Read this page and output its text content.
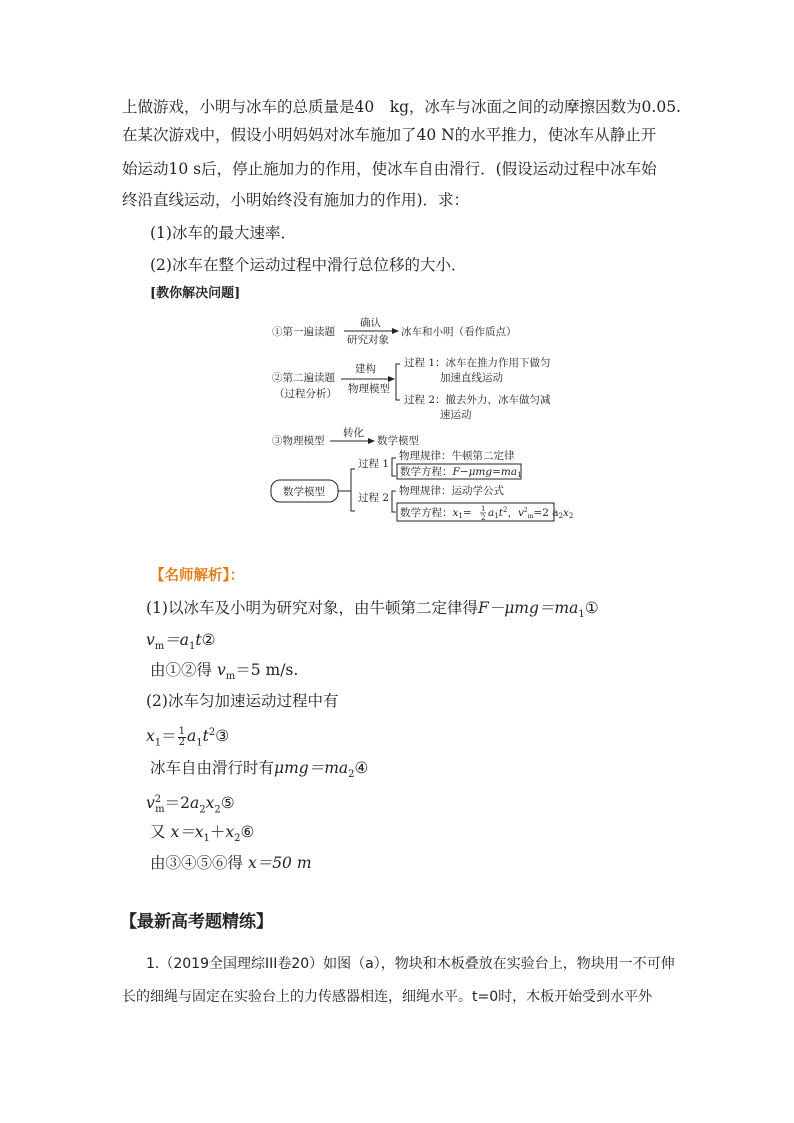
上做游戏，小明与冰车的总质量是40　kg，冰车与冰面之间的动摩擦因数为0.05.
在某次游戏中，假设小明妈妈对冰车施加了40 N的水平推力，使冰车从静止开
始运动10 s后，停止施加力的作用，使冰车自由滑行．(假设运动过程中冰车始
终沿直线运动，小明始终没有施加力的作用)．求：
(1)冰车的最大速率．
(2)冰车在整个运动过程中滑行总位移的大小．
[教你解决问题]
①第一遍读题
确认
研究对象
冰车和小明（看作质点）
②第二遍读题
（过程分析）
建构
物理模型
过程 1：冰车在推力作用下做匀
加速直线运动
过程 2：撤去外力，冰车做匀减
速运动
③物理模型
转化
数学模型
数学模型
过程 1
过程 2
物理规律：牛顿第二定律
数学方程：F−μmg=ma1
物理规律：运动学公式
数学方程：x1= 1
2 $a1t^2$，$v^2_m=2$ a2x2
【名师解析】：
(1)以冰车及小明为研究对象，由牛顿第二定律得$F-\mu mg=ma_1①$
$v_m=a_1t②$
由①②得 $v_m=5$ m/s.
(2)冰车匀加速运动过程中有
$x_1= \frac{1}{2}$ $a_1t^2③$
冰车自由滑行时有$\mu mg=ma_2④$
$v^2_m=2a_2x_2⑤$
又 $x=x_1+x_2⑥$
由③④⑤⑥得 x＝50 m
【最新高考题精练】
1.（2019全国理综III卷20）如图（a），物块和木板叠放在实验台上，物块用一不可伸
长的细绳与固定在实验台上的力传感器相连，细绳水平。t=0时，木板开始受到水平外
